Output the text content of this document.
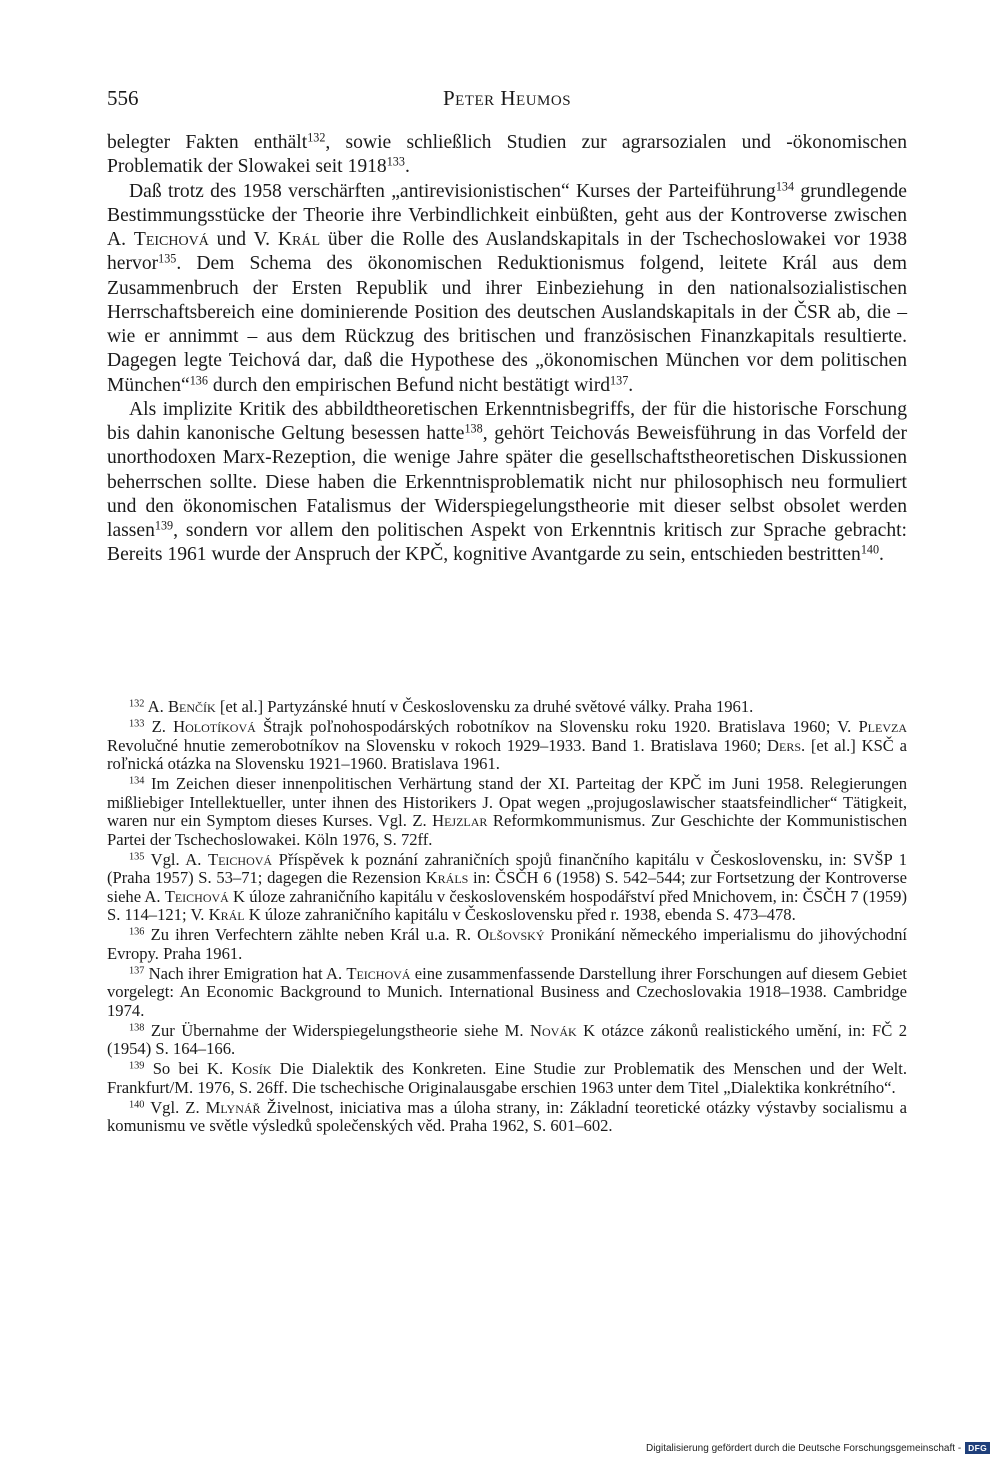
556	Peter Heumos

belegter Fakten enthält$^{132}$, sowie schließlich Studien zur agrarsozialen und -ökonomischen Problematik der Slowakei seit 1918$^{133}$.

Daß trotz des 1958 verschärften „antirevisionistischen“ Kurses der Parteiführung$^{134}$ grundlegende Bestimmungsstücke der Theorie ihre Verbindlichkeit einbüßten, geht aus der Kontroverse zwischen A. Teichová und V. Král über die Rolle des Auslandskapitals in der Tschechoslowakei vor 1938 hervor$^{135}$. Dem Schema des ökonomischen Reduktionismus folgend, leitete Král aus dem Zusammenbruch der Ersten Republik und ihrer Einbeziehung in den nationalsozialistischen Herrschaftsbereich eine dominierende Position des deutschen Auslandskapitals in der ČSR ab, die – wie er annimmt – aus dem Rückzug des britischen und französischen Finanzkapitals resultierte. Dagegen legte Teichová dar, daß die Hypothese des „ökonomischen München vor dem politischen München“$^{136}$ durch den empirischen Befund nicht bestätigt wird$^{137}$.

Als implizite Kritik des abbildtheoretischen Erkenntnisbegriffs, der für die historische Forschung bis dahin kanonische Geltung besessen hatte$^{138}$, gehört Teichovás Beweisführung in das Vorfeld der unorthodoxen Marx-Rezeption, die wenige Jahre später die gesellschaftstheoretischen Diskussionen beherrschen sollte. Diese haben die Erkenntnisproblematik nicht nur philosophisch neu formuliert und den ökonomischen Fatalismus der Widerspiegelungstheorie mit dieser selbst obsolet werden lassen$^{139}$, sondern vor allem den politischen Aspekt von Erkenntnis kritisch zur Sprache gebracht: Bereits 1961 wurde der Anspruch der KPČ, kognitive Avantgarde zu sein, entschieden bestritten$^{140}$.

$^{132}$ A. Benčík [et al.] Partyzánské hnutí v Československu za druhé světové války. Praha 1961.

$^{133}$ Z. Holotíková Štrajk poľnohospodárských robotníkov na Slovensku roku 1920. Bratislava 1960; V. Plevza Revolučné hnutie zemerobotníkov na Slovensku v rokoch 1929–1933. Band 1. Bratislava 1960; Ders. [et al.] KSČ a roľnická otázka na Slovensku 1921–1960. Bratislava 1961.

$^{134}$ Im Zeichen dieser innenpolitischen Verhärtung stand der XI. Parteitag der KPČ im Juni 1958. Relegierungen mißliebiger Intellektueller, unter ihnen des Historikers J. Opat wegen „projugoslawischer staatsfeindlicher“ Tätigkeit, waren nur ein Symptom dieses Kurses. Vgl. Z. Hejzlar Reformkommunismus. Zur Geschichte der Kommunistischen Partei der Tschechoslowakei. Köln 1976, S. 72ff.

$^{135}$ Vgl. A. Teichová Příspěvek k poznání zahraničních spojů finančního kapitálu v Československu, in: SVŠP 1 (Praha 1957) S. 53–71; dagegen die Rezension Králs in: ČSČH 6 (1958) S. 542–544; zur Fortsetzung der Kontroverse siehe A. Teichová K úloze zahraničního kapitálu v československém hospodářství před Mnichovem, in: ČSČH 7 (1959) S. 114–121; V. Král K úloze zahraničního kapitálu v Československu před r. 1938, ebenda S. 473–478.

$^{136}$ Zu ihren Verfechtern zählte neben Král u.a. R. Olšovský Pronikání německého imperialismu do jihovýchodní Evropy. Praha 1961.

$^{137}$ Nach ihrer Emigration hat A. Teichová eine zusammenfassende Darstellung ihrer Forschungen auf diesem Gebiet vorgelegt: An Economic Background to Munich. International Business and Czechoslovakia 1918–1938. Cambridge 1974.

$^{138}$ Zur Übernahme der Widerspiegelungstheorie siehe M. Novák K otázce zákonů realistického umění, in: FČ 2 (1954) S. 164–166.

$^{139}$ So bei K. Kosík Die Dialektik des Konkreten. Eine Studie zur Problematik des Menschen und der Welt. Frankfurt/M. 1976, S. 26ff. Die tschechische Originalausgabe erschien 1963 unter dem Titel „Dialektika konkrétního“.

$^{140}$ Vgl. Z. Mlynář Živelnost, iniciativa mas a úloha strany, in: Základní teoretické otázky výstavby socialismu a komunismu ve světle výsledků společenských věd. Praha 1962, S. 601–602.

Digitalisierung gefördert durch die Deutsche Forschungsgemeinschaft - DFG
